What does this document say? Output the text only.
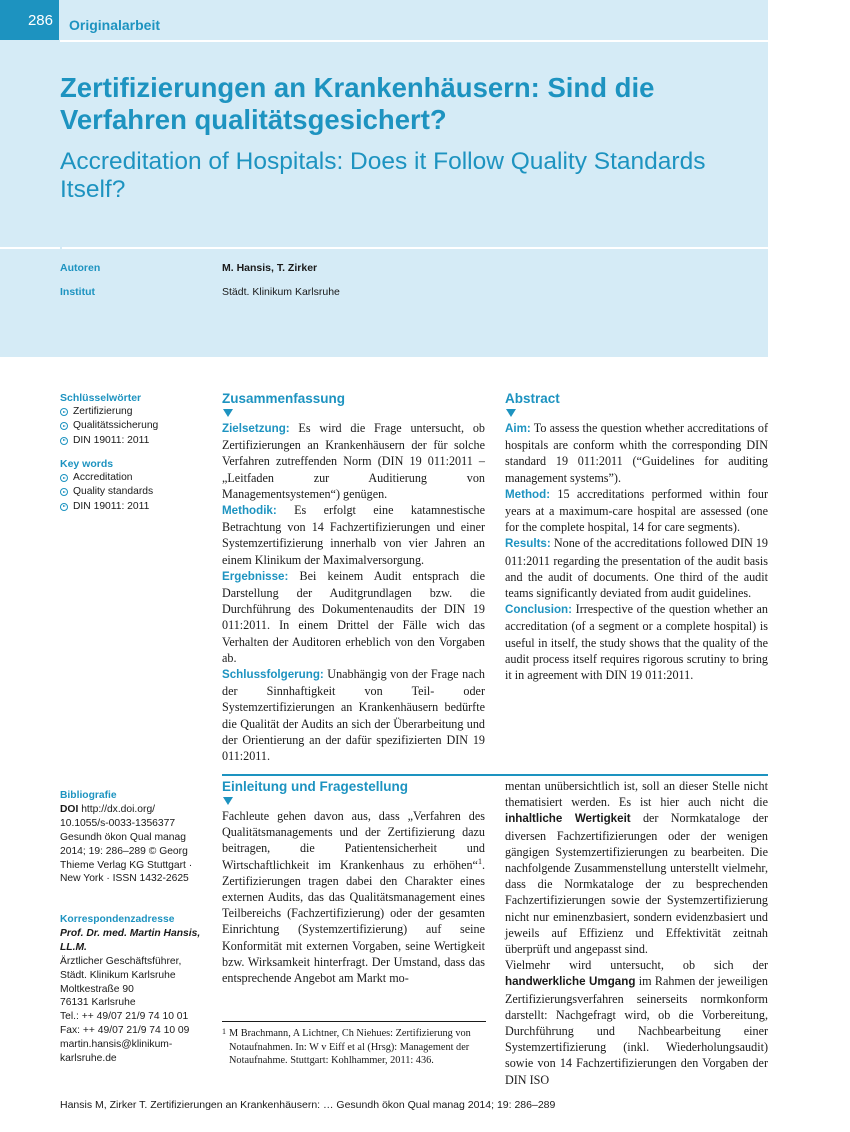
286	Originalarbeit
Zertifizierungen an Krankenhäusern: Sind die Verfahren qualitätsgesichert?
Accreditation of Hospitals: Does it Follow Quality Standards Itself?
Autoren	M. Hansis, T. Zirker
Institut	Städt. Klinikum Karlsruhe
Schlüsselwörter
Zertifizierung
Qualitätssicherung
DIN 19011: 2011
Key words
Accreditation
Quality standards
DIN 19011: 2011
Zusammenfassung

Zielsetzung: Es wird die Frage untersucht, ob Zertifizierungen an Krankenhäusern der für solche Verfahren zutreffenden Norm (DIN 19 011:2011 – „Leitfaden zur Auditierung von Managementsystemen“) genügen.

Methodik: Es erfolgt eine katamnestische Betrachtung von 14 Fachzertifizierungen und einer Systemzertifizierung innerhalb von vier Jahren an einem Klinikum der Maximalversorgung.

Ergebnisse: Bei keinem Audit entsprach die Darstellung der Auditgrundlagen bzw. die Durchführung des Dokumentenaudits der DIN 19 011:2011. In einem Drittel der Fälle wich das Verhalten der Auditoren erheblich von den Vorgaben ab.

Schlussfolgerung: Unabhängig von der Frage nach der Sinnhaftigkeit von Teil- oder Systemzertifizierungen an Krankenhäusern bedürfte die Qualität der Audits an sich der Überarbeitung und der Orientierung an der dafür spezifizierten DIN 19 011:2011.

Abstract

Aim: To assess the question whether accreditations of hospitals are conform whith the corresponding DIN standard 19 011:2011 (“Guidelines for auditing management systems”).

Method: 15 accreditations performed within four years at a maximum-care hospital are assessed (one for the complete hospital, 14 for care segments).

Results: None of the accreditations followed DIN 19 011:2011 regarding the presentation of the audit basis and the audit of documents. One third of the audit teams significantly deviated from audit guidelines.

Conclusion: Irrespective of the question whether an accreditation (of a segment or a complete hospital) is useful in itself, the study shows that the quality of the audit process itself requires rigorous scrutiny to bring it in agreement with DIN 19 011:2011.

Bibliografie
DOI http://dx.doi.org/
10.1055/s-0033-1356377
Gesundh ökon Qual manag
2014; 19: 286–289 © Georg
Thieme Verlag KG Stuttgart ·
New York · ISSN 1432-2625
Korrespondenzadresse
Prof. Dr. med. Martin Hansis,
LL.M.
Ärztlicher Geschäftsführer,
Städt. Klinikum Karlsruhe
Moltkestraße 90
76131 Karlsruhe
Tel.: ++ 49/07 21/9 74 10 01
Fax: ++ 49/07 21/9 74 10 09
martin.hansis@klinikum-
karlsruhe.de
Einleitung und Fragestellung

Fachleute gehen davon aus, dass „Verfahren des Qualitätsmanagements und der Zertifizierung dazu beitragen, die Patientensicherheit und Wirtschaftlichkeit im Krankenhaus zu erhöhen“$^1$. Zertifizierungen tragen dabei den Charakter eines externen Audits, das das Qualitätsmanagement eines Teilbereichs (Fachzertifizierung) oder der gesamten Einrichtung (Systemzertifizierung) auf seine Konformität mit externen Vorgaben, seine Wertigkeit bzw. Wirksamkeit hinterfragt. Der Umstand, dass das entsprechende Angebot am Markt mo-

mentan unübersichtlich ist, soll an dieser Stelle nicht thematisiert werden. Es ist hier auch nicht die inhaltliche Wertigkeit der Normkataloge der diversen Fachzertifizierungen oder der wenigen gängigen Systemzertifizierungen zu bearbeiten. Die nachfolgende Zusammenstellung unterstellt vielmehr, dass die Normkataloge der zu besprechenden Fachzertifizierungen sowie der Systemzertifizierung nicht nur eminenzbasiert, sondern evidenzbasiert und jeweils auf Effizienz und Effektivität zeitnah überprüft und angepasst sind.

Vielmehr wird untersucht, ob sich der handwerkliche Umgang im Rahmen der jeweiligen Zertifizierungsverfahren seinerseits normkonform darstellt: Nachgefragt wird, ob die Vorbereitung, Durchführung und Nachbearbeitung einer Systemzertifizierung (inkl. Wiederholungsaudit) sowie von 14 Fachzertifizierungen den Vorgaben der DIN ISO

1 M Brachmann, A Lichtner, Ch Niehues: Zertifizierung von Notaufnahmen. In: W v Eiff et al (Hrsg): Management der Notaufnahme. Stuttgart: Kohlhammer, 2011: 436.
Hansis M, Zirker T. Zertifizierungen an Krankenhäusern: … Gesundh ökon Qual manag 2014; 19: 286–289
